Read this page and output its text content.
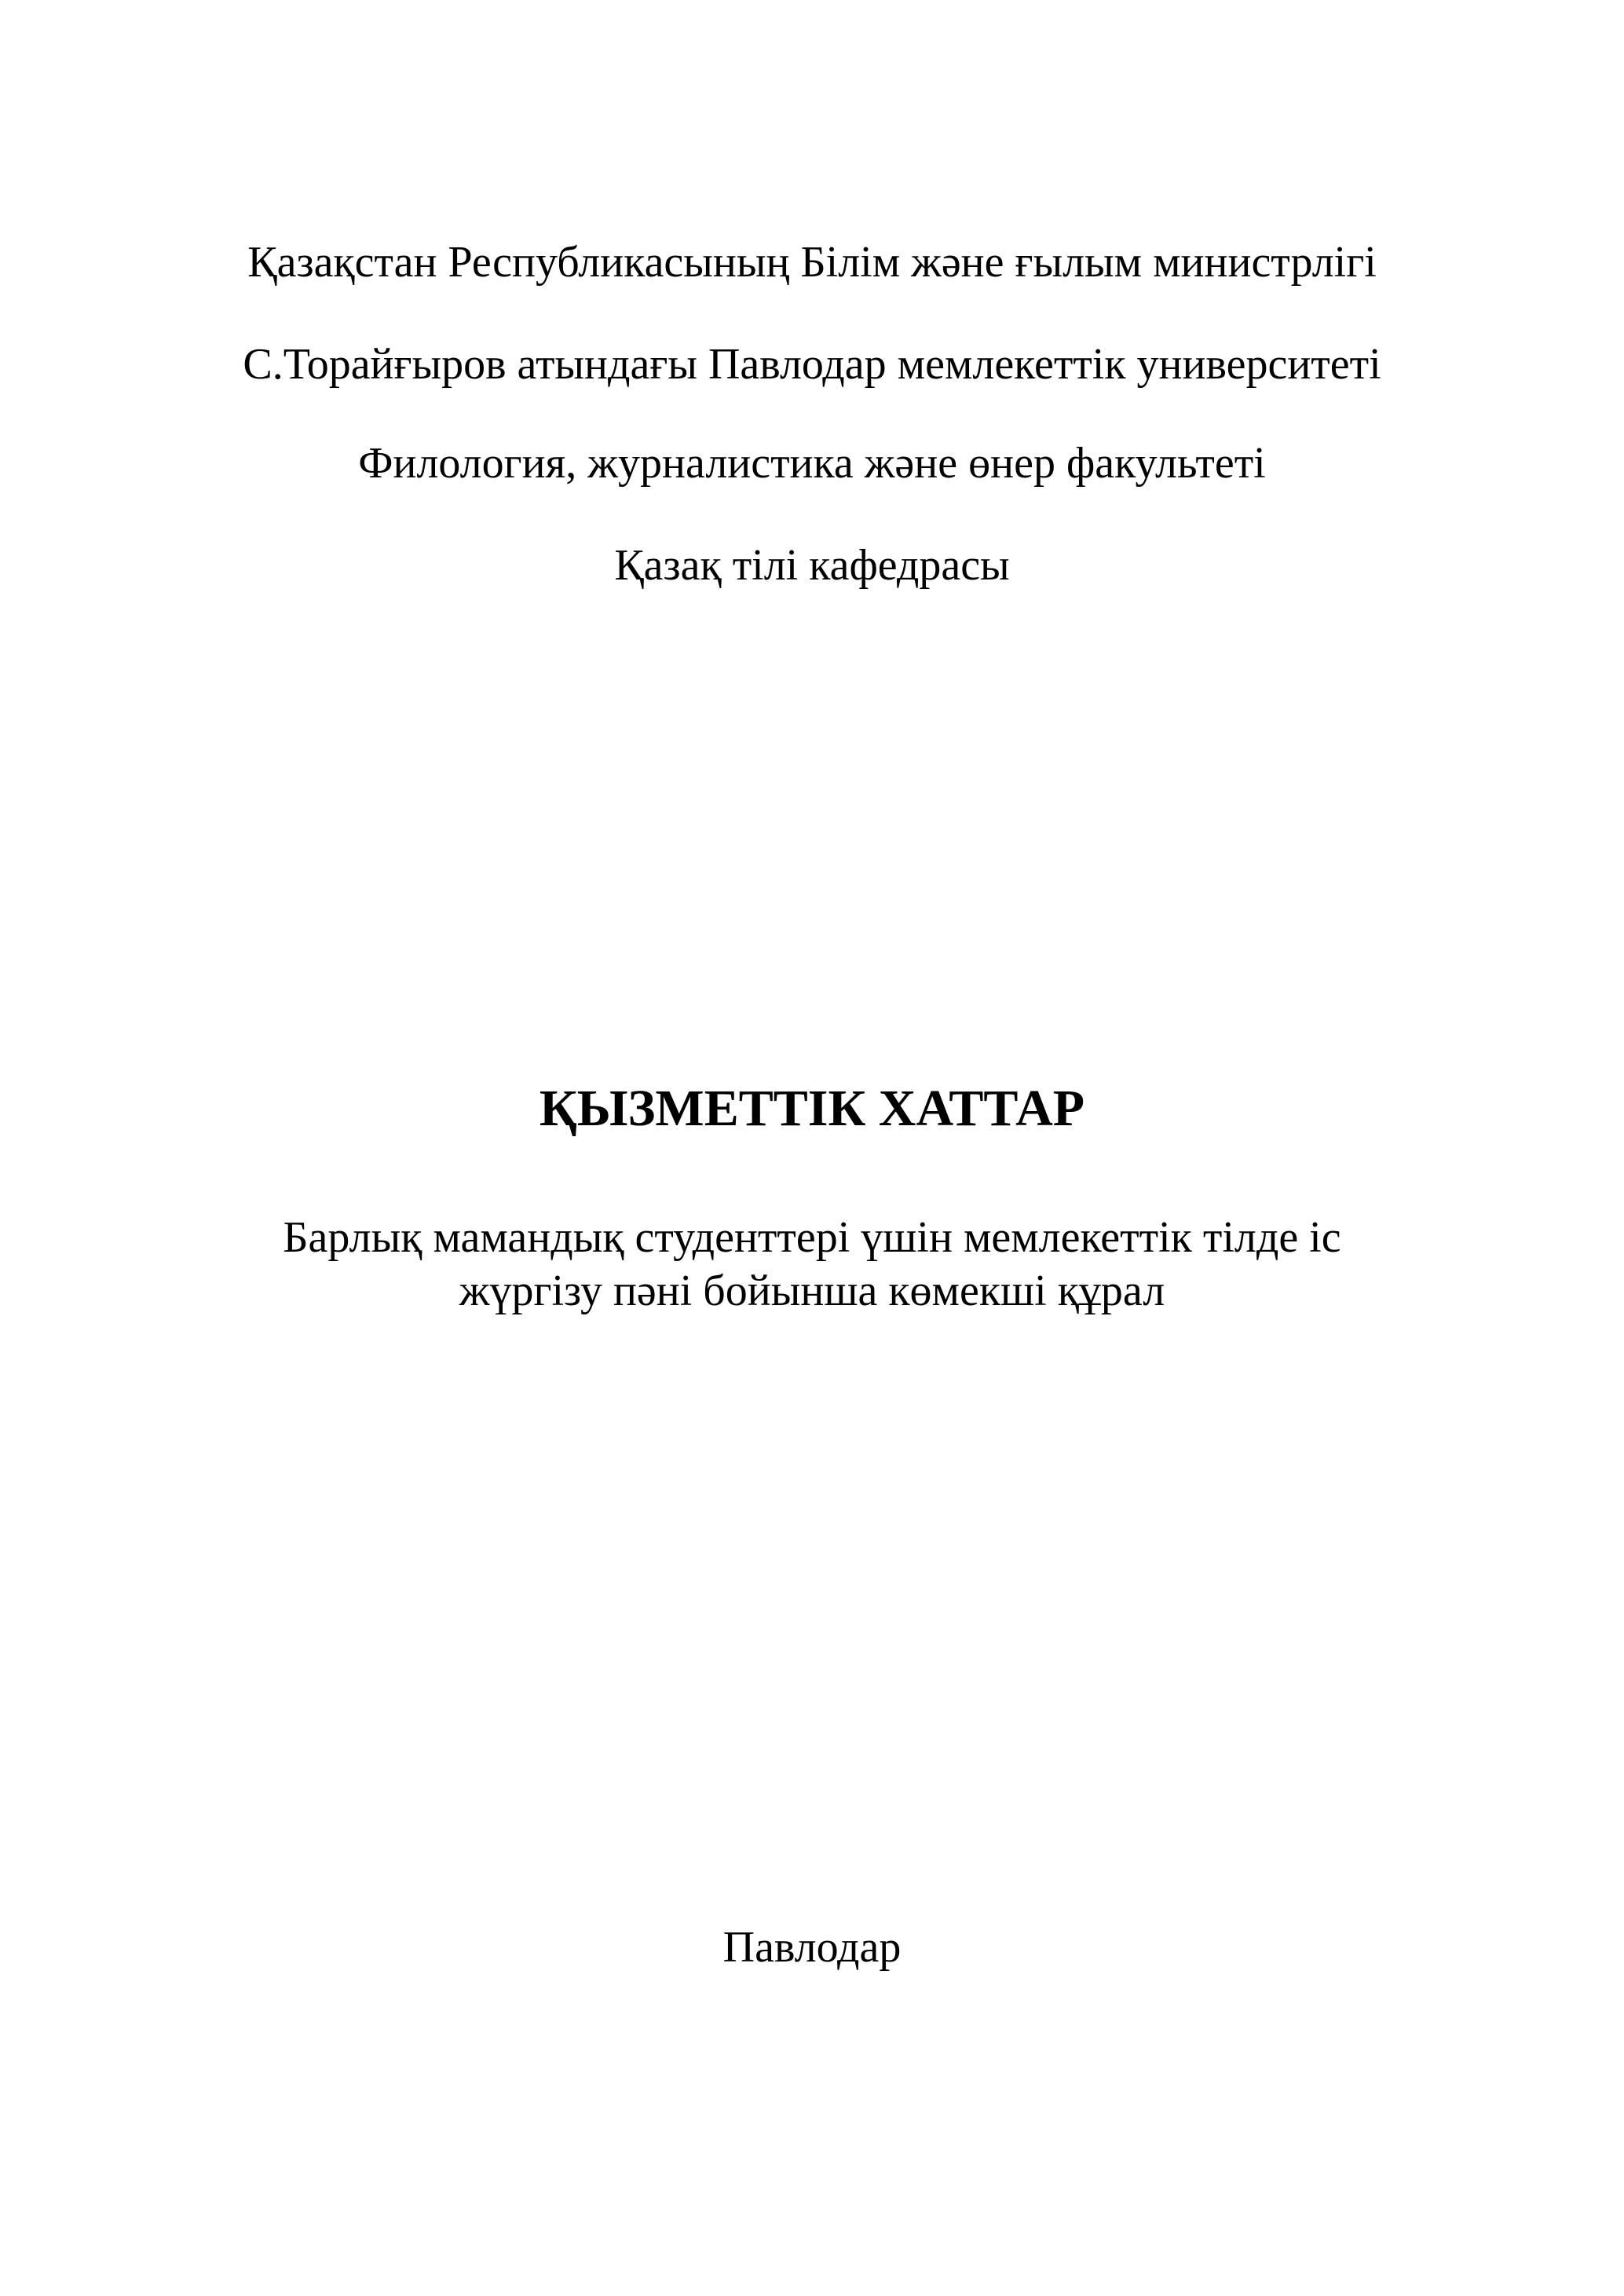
Қазақстан Республикасының Білім және ғылым министрлігі
С.Торайғыров атындағы Павлодар мемлекеттік университеті
Филология, журналистика және өнер факультеті
Қазақ тілі кафедрасы
ҚЫЗМЕТТІК ХАТТАР
Барлық мамандық студенттері үшін мемлекеттік тілде іс
жүргізу пәні бойынша көмекші құрал
Павлодар
